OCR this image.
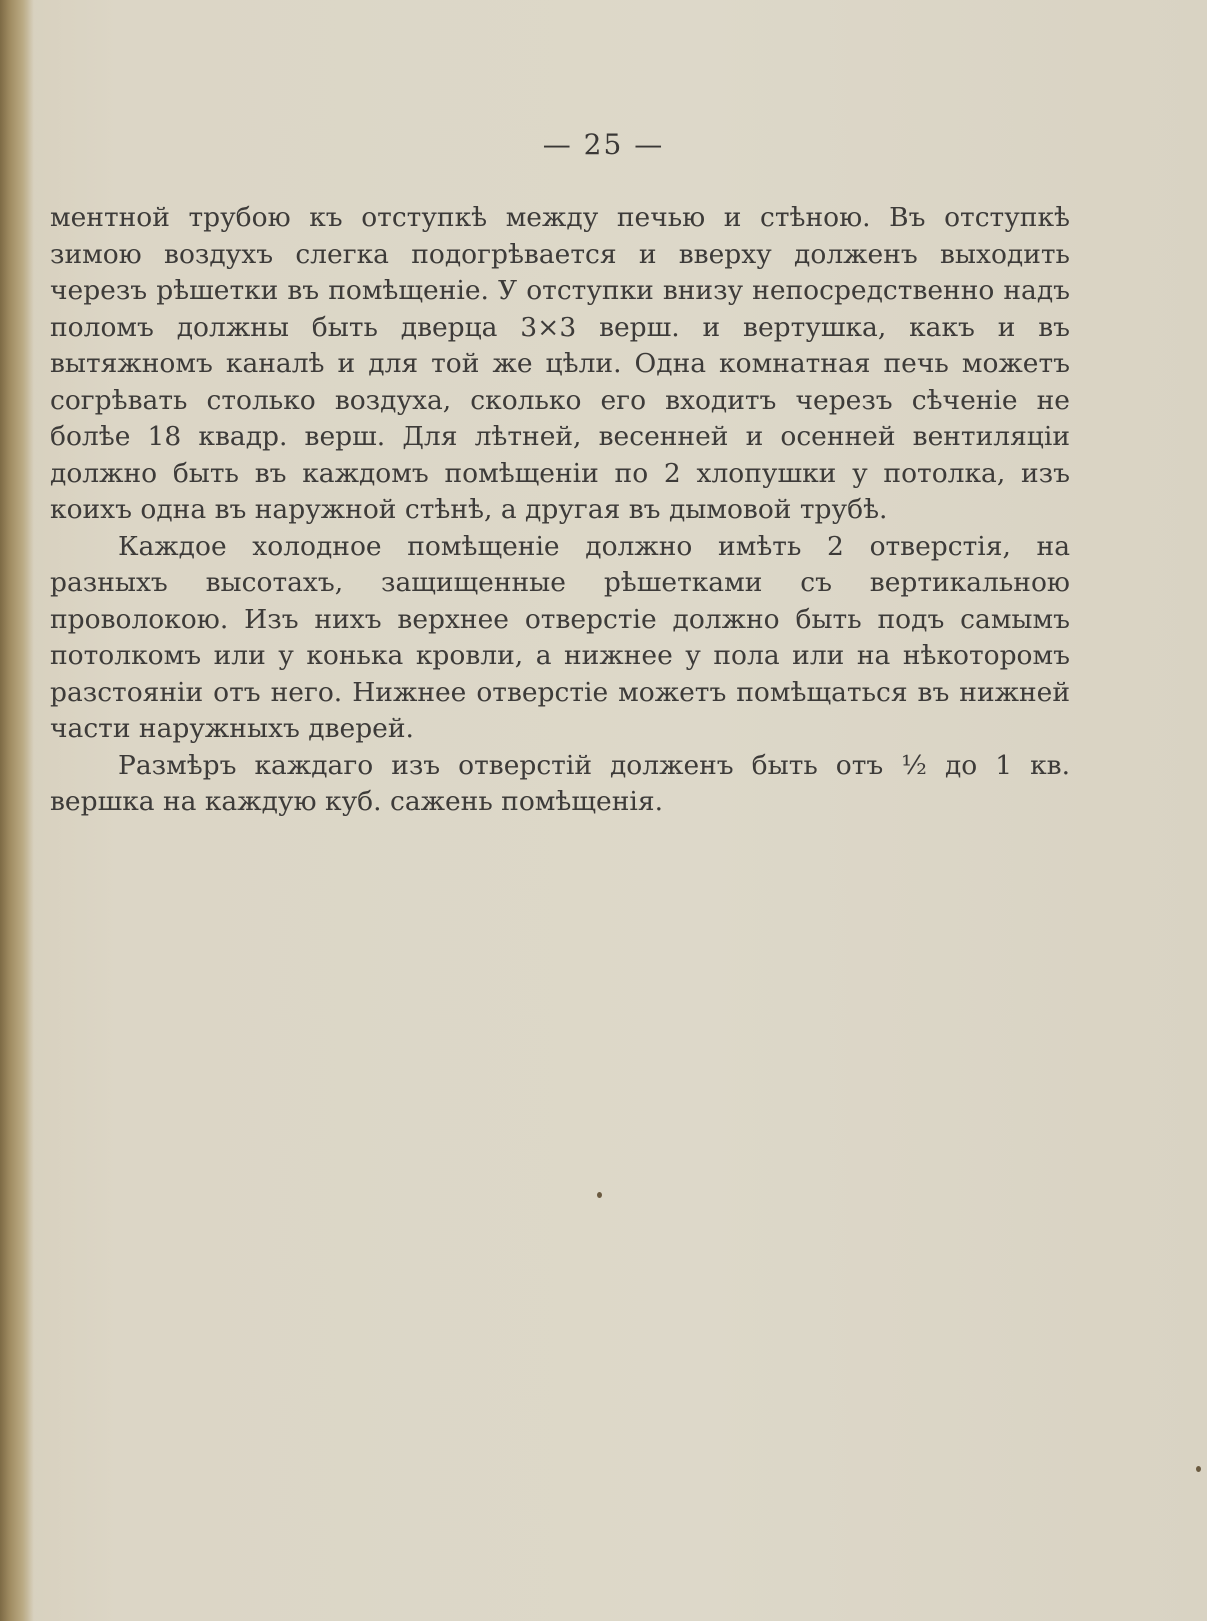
— 25 —

ментной трубою къ отступкѣ между печью и стѣною. Въ отступкѣ зимою воздухъ слегка подогрѣвается и вверху долженъ выходить черезъ рѣшетки въ помѣщеніе. У отступки внизу непосредственно надъ поломъ должны быть дверца 3×3 верш. и вертушка, какъ и въ вытяжномъ каналѣ и для той же цѣли. Одна комнатная печь можетъ согрѣвать столько воздуха, сколько его входитъ черезъ сѣченіе не болѣе 18 квадр. верш. Для лѣтней, весенней и осенней вентиляціи должно быть въ каждомъ помѣщеніи по 2 хлопушки у потолка, изъ коихъ одна въ наружной стѣнѣ, а другая въ дымовой трубѣ.

Каждое холодное помѣщеніе должно имѣть 2 отверстія, на разныхъ высотахъ, защищенные рѣшетками съ вертикальною проволокою. Изъ нихъ верхнее отверстіе должно быть подъ самымъ потолкомъ или у конька кровли, а нижнее у пола или на нѣкоторомъ разстояніи отъ него. Нижнее отверстіе можетъ помѣщаться въ нижней части наружныхъ дверей.

Размѣръ каждаго изъ отверстій долженъ быть отъ ½ до 1 кв. вершка на каждую куб. сажень помѣщенія.
